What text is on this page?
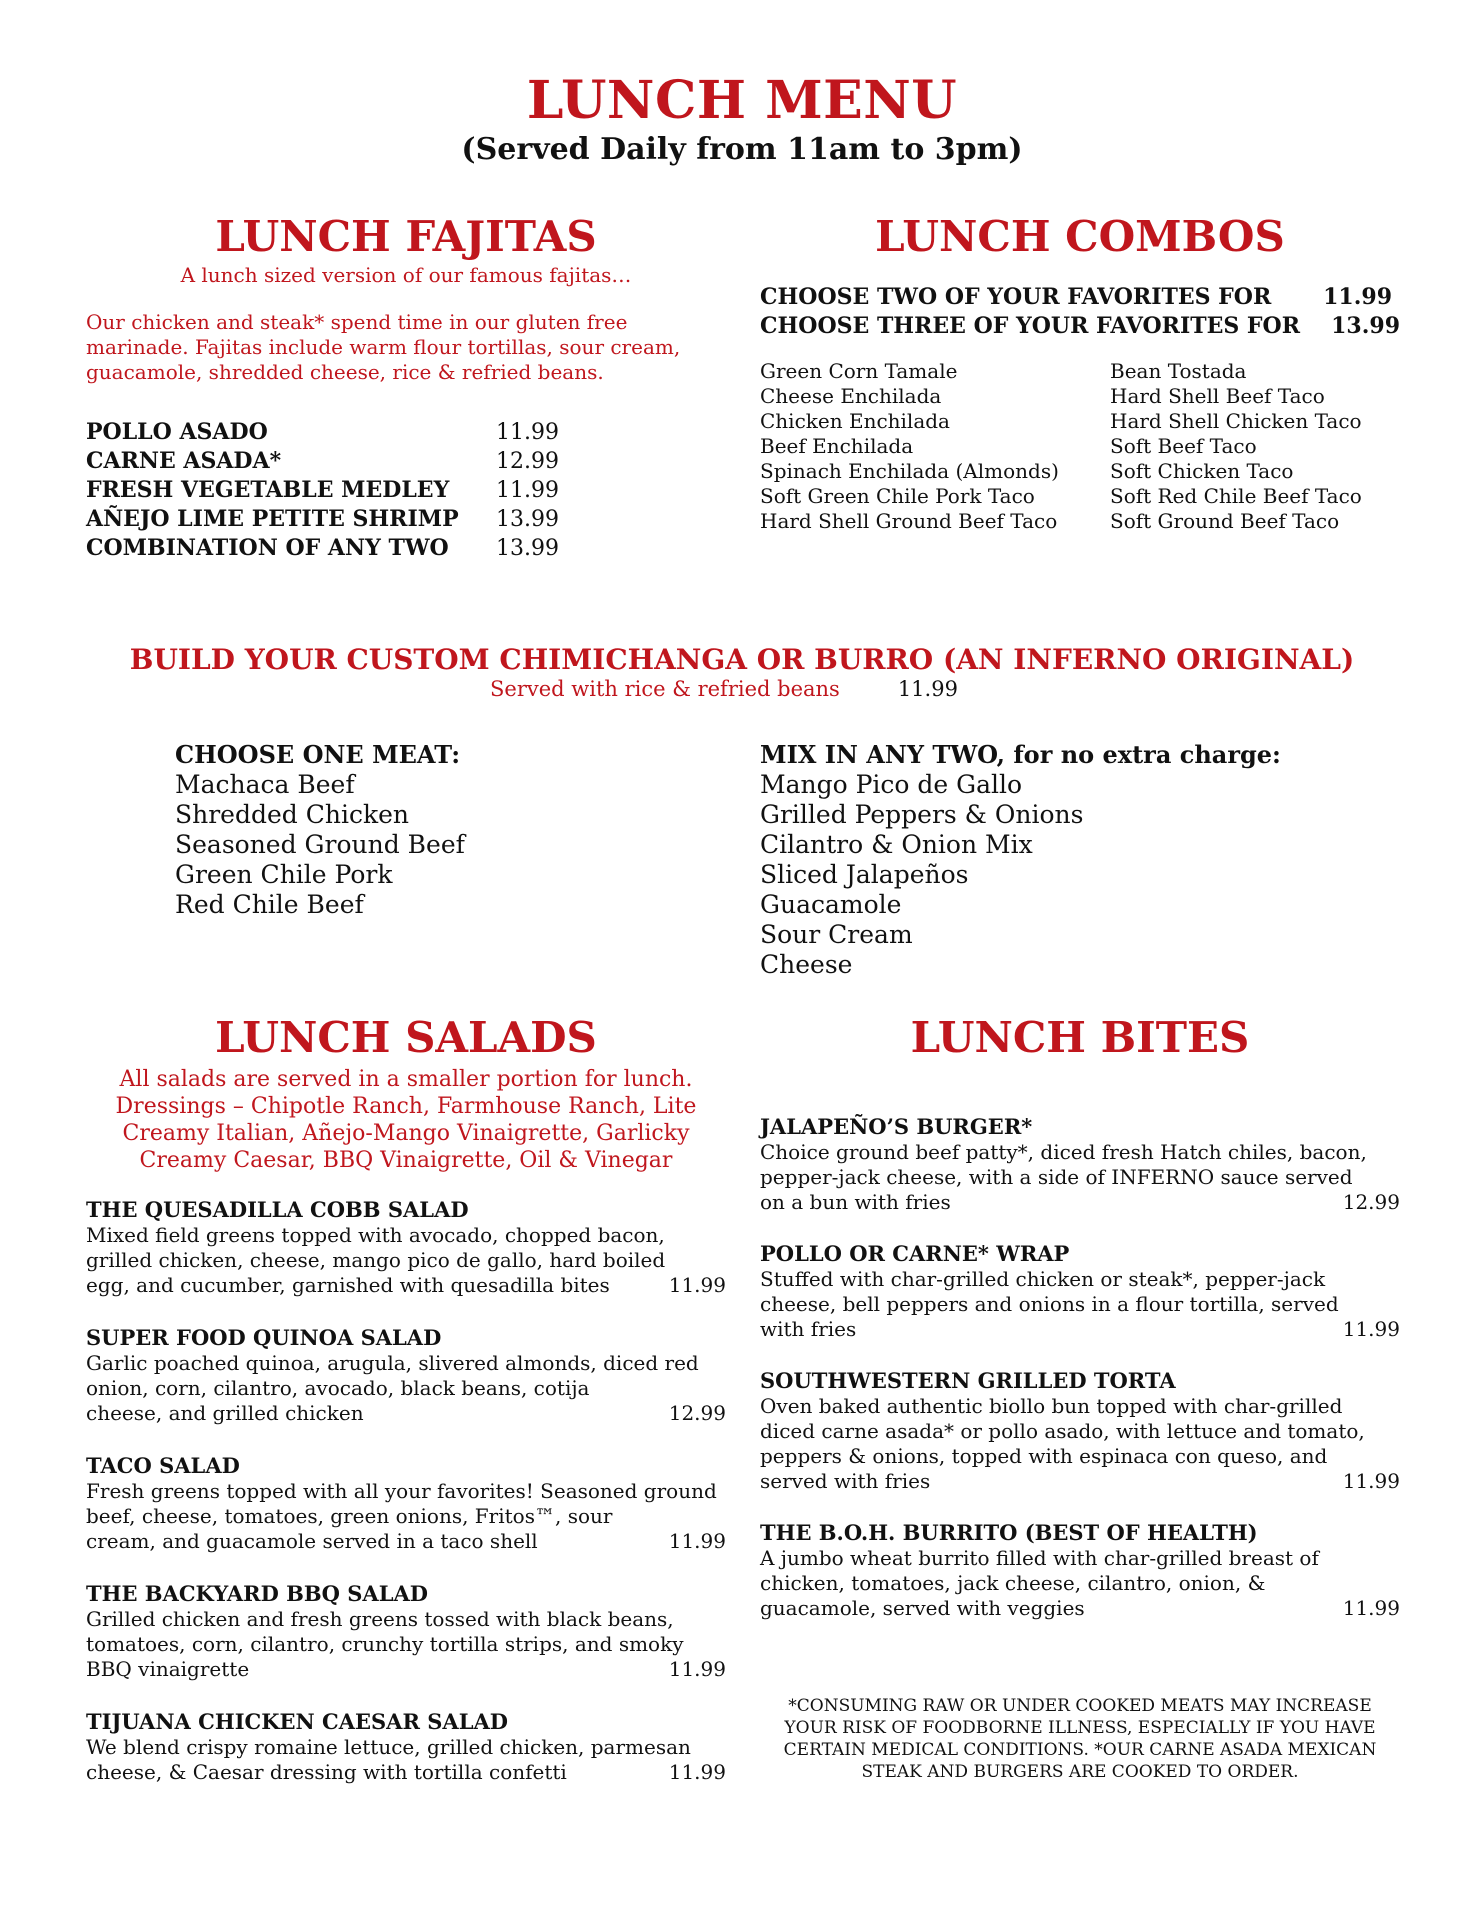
LUNCH MENU
(Served Daily from 11am to 3pm)
LUNCH FAJITAS
A lunch sized version of our famous fajitas…
Our chicken and steak* spend time in our gluten free marinade. Fajitas include warm flour tortillas, sour cream, guacamole, shredded cheese, rice & refried beans.
POLLO ASADO	11.99
CARNE ASADA*	12.99
FRESH VEGETABLE MEDLEY 11.99
AÑEJO LIME PETITE SHRIMP 13.99
COMBINATION OF ANY TWO 13.99
LUNCH COMBOS
CHOOSE TWO OF YOUR FAVORITES FOR 11.99
CHOOSE THREE OF YOUR FAVORITES FOR 13.99
Green Corn Tamale
Cheese Enchilada
Chicken Enchilada
Beef Enchilada
Spinach Enchilada (Almonds)
Soft Green Chile Pork Taco
Hard Shell Ground Beef Taco
Bean Tostada
Hard Shell Beef Taco
Hard Shell Chicken Taco
Soft Beef Taco
Soft Chicken Taco
Soft Red Chile Beef Taco
Soft Ground Beef Taco
BUILD YOUR CUSTOM CHIMICHANGA OR BURRO (AN INFERNO ORIGINAL)
Served with rice & refried beans	11.99
CHOOSE ONE MEAT:
Machaca Beef
Shredded Chicken
Seasoned Ground Beef
Green Chile Pork
Red Chile Beef
MIX IN ANY TWO, for no extra charge:
Mango Pico de Gallo
Grilled Peppers & Onions
Cilantro & Onion Mix
Sliced Jalapeños
Guacamole
Sour Cream
Cheese
LUNCH SALADS
All salads are served in a smaller portion for lunch. Dressings – Chipotle Ranch, Farmhouse Ranch, Lite Creamy Italian, Añejo-Mango Vinaigrette, Garlicky Creamy Caesar, BBQ Vinaigrette, Oil & Vinegar
THE QUESADILLA COBB SALAD
Mixed field greens topped with avocado, chopped bacon, grilled chicken, cheese, mango pico de gallo, hard boiled
egg, and cucumber, garnished with quesadilla bites	11.99
SUPER FOOD QUINOA SALAD
Garlic poached quinoa, arugula, slivered almonds, diced red onion, corn, cilantro, avocado, black beans, cotija
cheese, and grilled chicken	12.99
TACO SALAD
Fresh greens topped with all your favorites! Seasoned ground beef, cheese, tomatoes, green onions, Fritos™, sour
cream, and guacamole served in a taco shell	11.99
THE BACKYARD BBQ SALAD
Grilled chicken and fresh greens tossed with black beans, tomatoes, corn, cilantro, crunchy tortilla strips, and smoky
BBQ vinaigrette	11.99
TIJUANA CHICKEN CAESAR SALAD
We blend crispy romaine lettuce, grilled chicken, parmesan
cheese, & Caesar dressing with tortilla confetti	11.99
LUNCH BITES
JALAPEÑO’S BURGER*
Choice ground beef patty*, diced fresh Hatch chiles, bacon, pepper-jack cheese, with a side of INFERNO sauce served
on a bun with fries	12.99
POLLO OR CARNE* WRAP
Stuffed with char-grilled chicken or steak*, pepper-jack cheese, bell peppers and onions in a flour tortilla, served
with fries	11.99
SOUTHWESTERN GRILLED TORTA
Oven baked authentic biollo bun topped with char-grilled diced carne asada* or pollo asado, with lettuce and tomato, peppers & onions, topped with espinaca con queso, and
served with fries	11.99
THE B.O.H. BURRITO (BEST OF HEALTH)
A jumbo wheat burrito filled with char-grilled breast of chicken, tomatoes, jack cheese, cilantro, onion, &
guacamole, served with veggies	11.99
*CONSUMING RAW OR UNDER COOKED MEATS MAY INCREASE YOUR RISK OF FOODBORNE ILLNESS, ESPECIALLY IF YOU HAVE CERTAIN MEDICAL CONDITIONS. *OUR CARNE ASADA MEXICAN STEAK AND BURGERS ARE COOKED TO ORDER.
